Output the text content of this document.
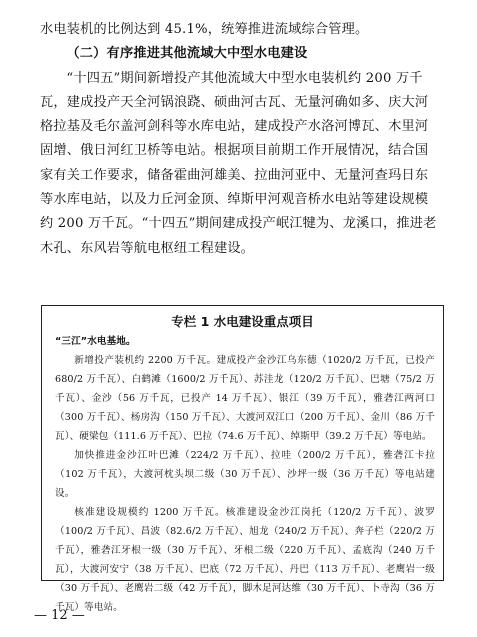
水电装机的比例达到 45.1%，统筹推进流域综合管理。

（二）有序推进其他流域大中型水电建设

“十四五”期间新增投产其他流域大中型水电装机约 200 万千瓦，建成投产天全河锅浪跷、硕曲河古瓦、无量河确如多、庆大河格拉基及毛尔盖河剑科等水库电站，建成投产水洛河博瓦、木里河固增、俄日河红卫桥等电站。根据项目前期工作开展情况，结合国家有关工作要求，储备霍曲河雄美、拉曲河亚中、无量河查玛日东等水库电站，以及力丘河金顶、绰斯甲河观音桥水电站等建设规模约 200 万千瓦。“十四五”期间建成投产岷江犍为、龙溪口，推进老木孔、东风岩等航电枢纽工程建设。

专栏 1 水电建设重点项目

“三江”水电基地。

新增投产装机约 2200 万千瓦。建成投产金沙江乌东德（1020/2 万千瓦，已投产 680/2 万千瓦）、白鹤滩（1600/2 万千瓦）、苏洼龙（120/2 万千瓦）、巴塘（75/2 万千瓦）、金沙（56 万千瓦，已投产 14 万千瓦）、银江（39 万千瓦），雅砻江两河口（300 万千瓦）、杨房沟（150 万千瓦）、大渡河双江口（200 万千瓦）、金川（86 万千瓦）、硬梁包（111.6 万千瓦）、巴拉（74.6 万千瓦）、绰斯甲（39.2 万千瓦）等电站。

加快推进金沙江叶巴滩（224/2 万千瓦）、拉哇（200/2 万千瓦），雅砻江卡拉（102 万千瓦），大渡河枕头坝二级（30 万千瓦）、沙坪一级（36 万千瓦）等电站建设。

核准建设规模约 1200 万千瓦。核准建设金沙江岗托（120/2 万千瓦）、波罗（100/2 万千瓦）、昌波（82.6/2 万千瓦）、旭龙（240/2 万千瓦）、奔子栏（220/2 万千瓦），雅砻江牙根一级（30 万千瓦）、牙根二级（220 万千瓦）、孟底沟（240 万千瓦），大渡河安宁（38 万千瓦）、巴底（72 万千瓦）、丹巴（113 万千瓦）、老鹰岩一级（30 万千瓦）、老鹰岩二级（42 万千瓦），脚木足河达维（30 万千瓦）、卜寺沟（36 万千瓦）等电站。

— 12 —
